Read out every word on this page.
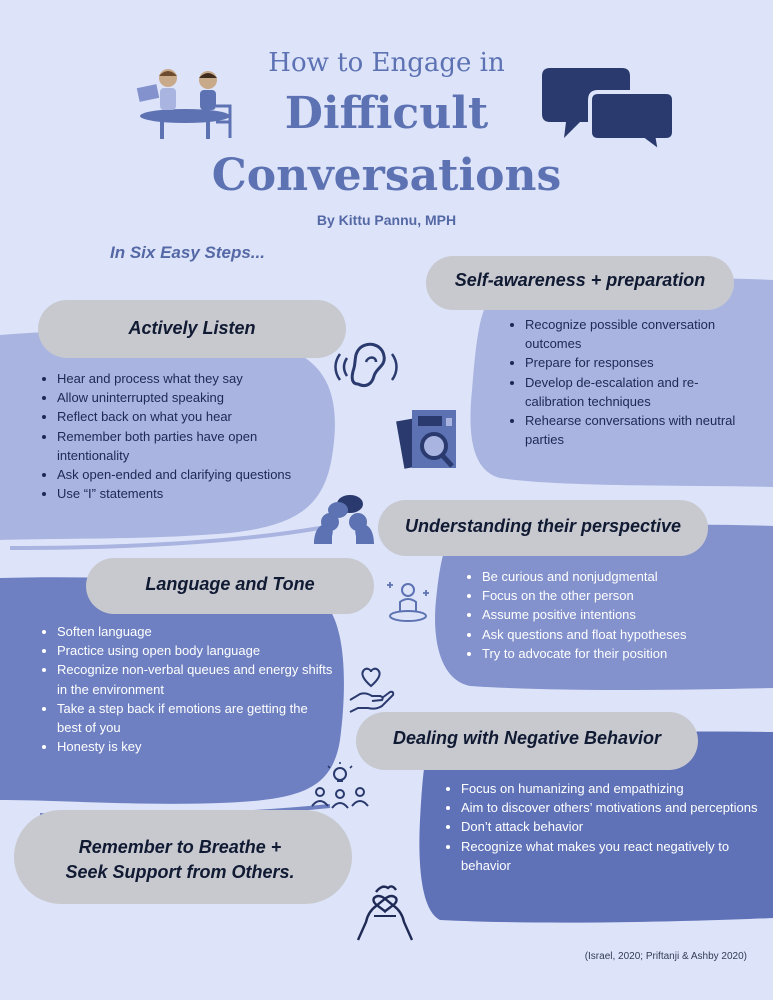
How to Engage in
Difficult
Conversations
By Kittu Pannu, MPH
In Six Easy Steps...
Self-awareness + preparation
Actively Listen
Understanding their perspective
Language and Tone
Dealing with Negative Behavior
• Recognize possible conversation outcomes
• Prepare for responses
• Develop de-escalation and re-calibration techniques
• Rehearse conversations with neutral parties
• Hear and process what they say
• Allow uninterrupted speaking
• Reflect back on what you hear
• Remember both parties have open intentionality
• Ask open-ended and clarifying questions
• Use “I” statements
• Be curious and nonjudgmental
• Focus on the other person
• Assume positive intentions
• Ask questions and float hypotheses
• Try to advocate for their position
• Soften language
• Practice using open body language
• Recognize non-verbal queues and energy shifts in the environment
• Take a step back if emotions are getting the best of you
• Honesty is key
• Focus on humanizing and empathizing
• Aim to discover others’ motivations and perceptions
• Don’t attack behavior
• Recognize what makes you react negatively to behavior
Remember to Breathe +
Seek Support from Others.
(Israel, 2020; Priftanji & Ashby 2020)
